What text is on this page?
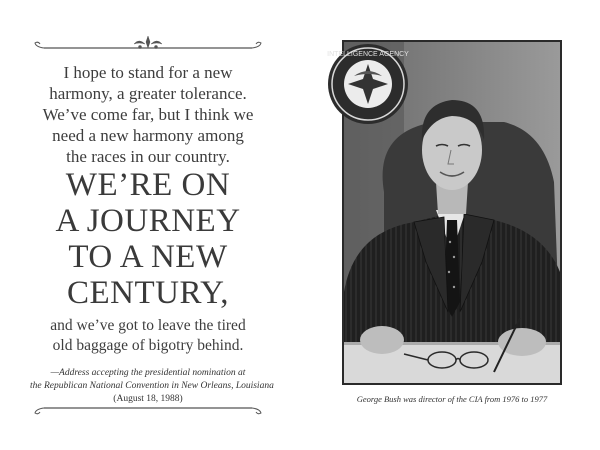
I hope to stand for a new
harmony, a greater tolerance.
We’ve come far, but I think we
need a new harmony among
the races in our country.

WE’RE ON
A JOURNEY
TO A NEW
CENTURY,

and we’ve got to leave the tired
old baggage of bigotry behind.

—Address accepting the presidential nomination at
the Republican National Convention in New Orleans, Louisiana
(August 18, 1988)
INTELLIGENCE AGENCY
George Bush was director of the CIA from 1976 to 1977
